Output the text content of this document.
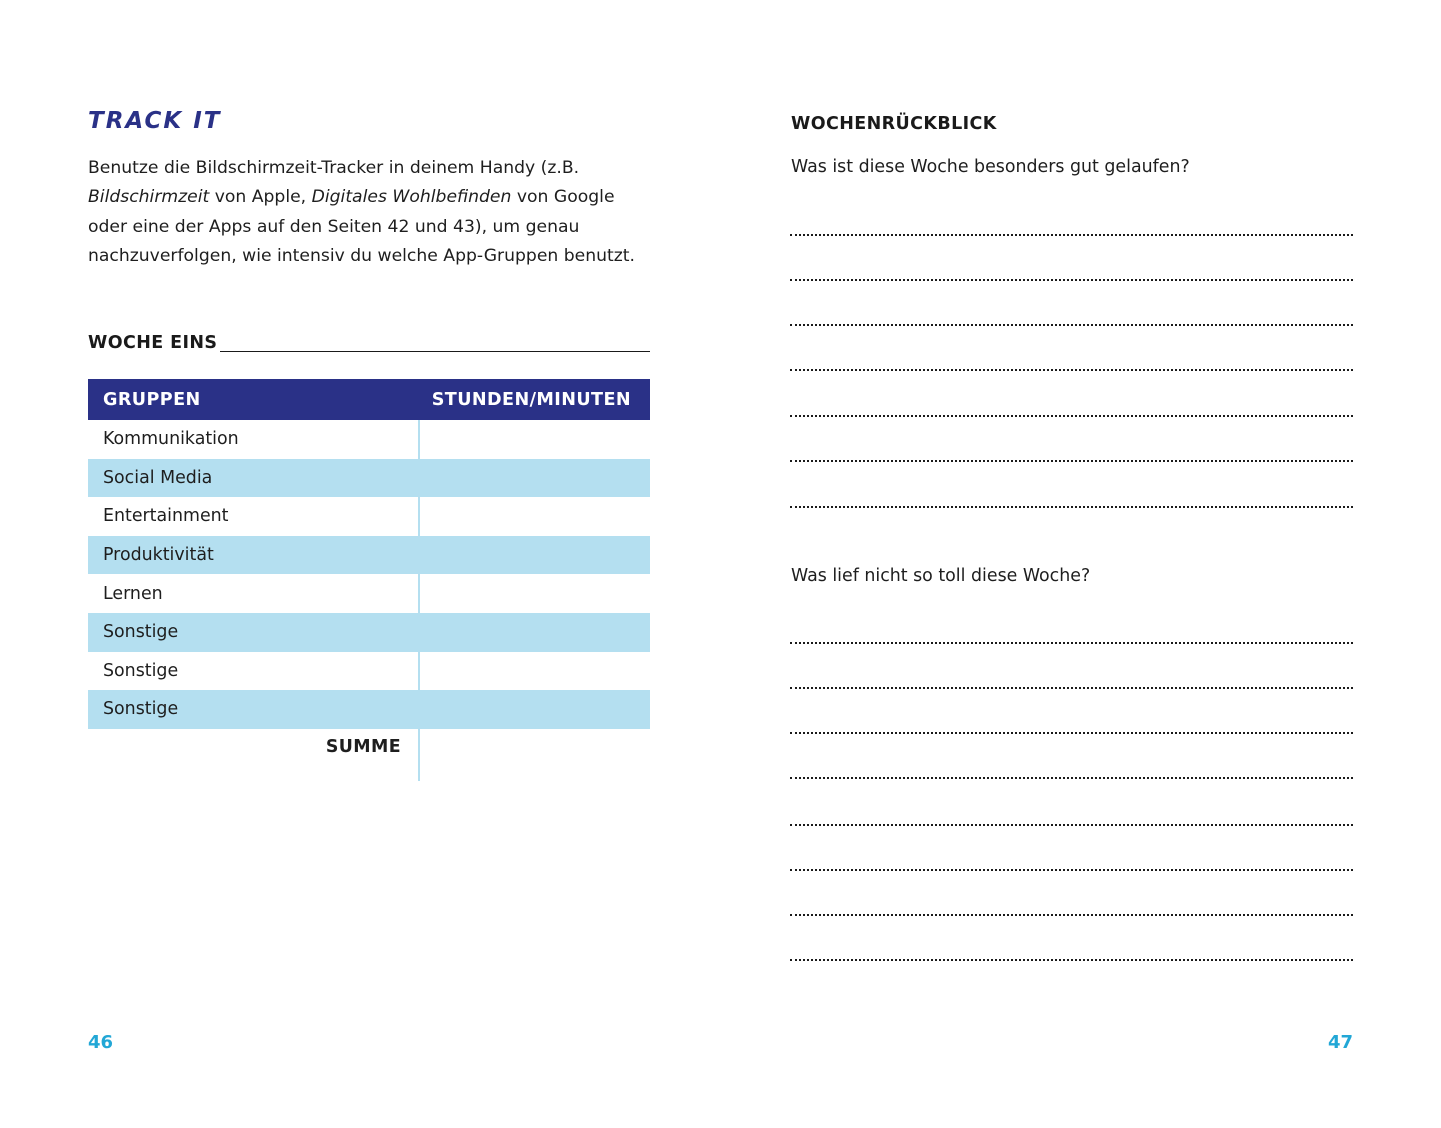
TRACK IT

Benutze die Bildschirmzeit-Tracker in deinem Handy (z.B. Bildschirmzeit von Apple, Digitales Wohlbefinden von Google oder eine der Apps auf den Seiten 42 und 43), um genau nachzuverfolgen, wie intensiv du welche App-Gruppen benutzt.

WOCHE EINS
GRUPPEN	STUNDEN/MINUTEN
Kommunikation
Social Media
Entertainment
Produktivität
Lernen
Sonstige
Sonstige
Sonstige
SUMME

46

WOCHENRÜCKBLICK

Was ist diese Woche besonders gut gelaufen?

Was lief nicht so toll diese Woche?

47
